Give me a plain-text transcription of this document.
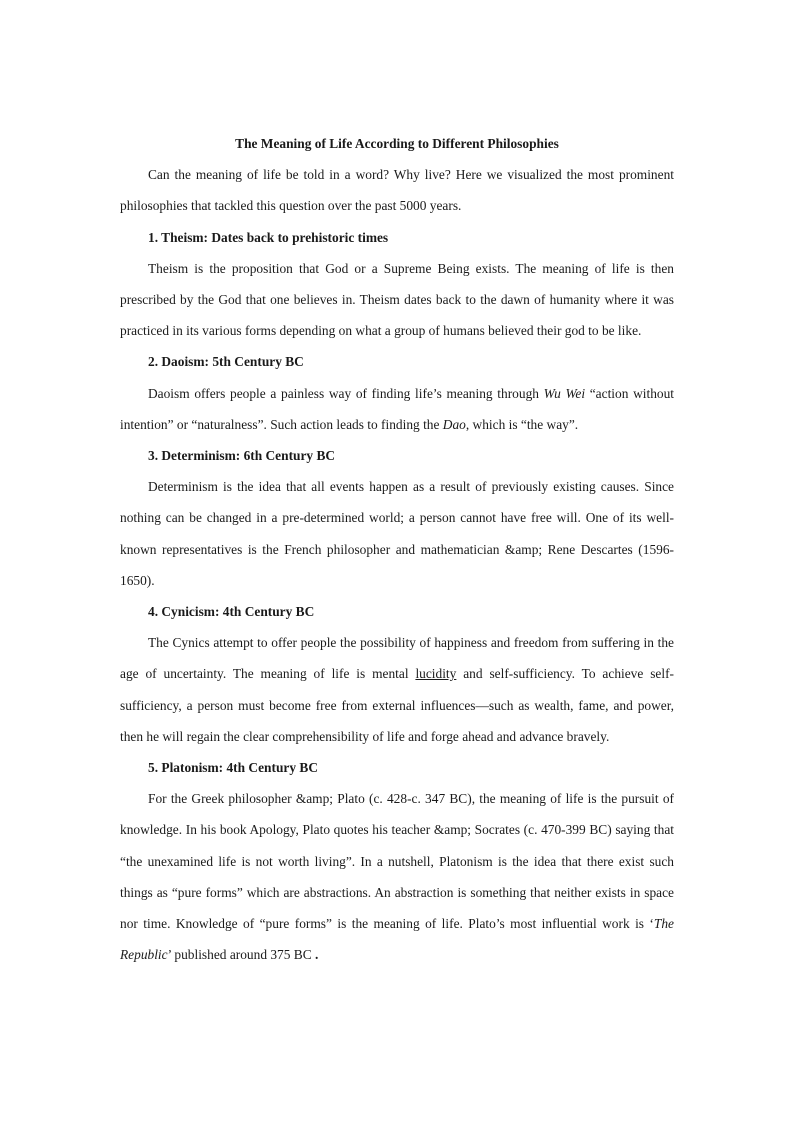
The Meaning of Life According to Different Philosophies

Can the meaning of life be told in a word? Why live? Here we visualized the most prominent philosophies that tackled this question over the past 5000 years.

1. Theism: Dates back to prehistoric times

Theism is the proposition that God or a Supreme Being exists. The meaning of life is then prescribed by the God that one believes in. Theism dates back to the dawn of humanity where it was practiced in its various forms depending on what a group of humans believed their god to be like.

2. Daoism: 5th Century BC

Daoism offers people a painless way of finding life’s meaning through Wu Wei “action without intention” or “naturalness”. Such action leads to finding the Dao, which is “the way”.

3. Determinism: 6th Century BC

Determinism is the idea that all events happen as a result of previously existing causes. Since nothing can be changed in a pre-determined world; a person cannot have free will. One of its well-known representatives is the French philosopher and mathematician &amp; Rene Descartes (1596- 1650).

4. Cynicism: 4th Century BC

The Cynics attempt to offer people the possibility of happiness and freedom from suffering in the age of uncertainty. The meaning of life is mental lucidity and self-sufficiency. To achieve self-sufficiency, a person must become free from external influences—such as wealth, fame, and power, then he will regain the clear comprehensibility of life and forge ahead and advance bravely.

5. Platonism: 4th Century BC

For the Greek philosopher &amp; Plato (c. 428-c. 347 BC), the meaning of life is the pursuit of knowledge. In his book Apology, Plato quotes his teacher &amp; Socrates (c. 470-399 BC) saying that “the unexamined life is not worth living”. In a nutshell, Platonism is the idea that there exist such things as “pure forms” which are abstractions. An abstraction is something that neither exists in space nor time. Knowledge of “pure forms” is the meaning of life. Plato’s most influential work is ‘The Republic’ published around 375 BC .
